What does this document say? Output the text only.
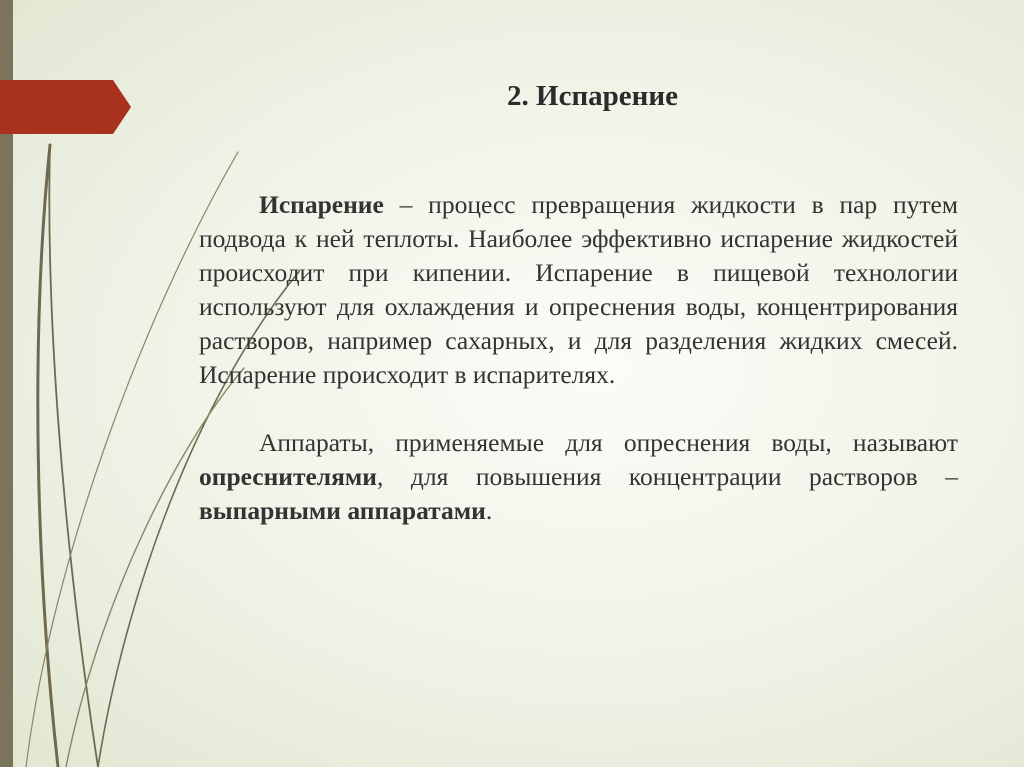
2. Испарение

Испарение – процесс превращения жидкости в пар путем подвода к ней теплоты. Наиболее эффективно испарение жидкостей происходит при кипении. Испарение в пищевой технологии используют для охлаждения и опреснения воды, концентрирования растворов, например сахарных, и для разделения жидких смесей. Испарение происходит в испарителях.

Аппараты, применяемые для опреснения воды, называют опреснителями, для повышения концентрации растворов – выпарными аппаратами.
